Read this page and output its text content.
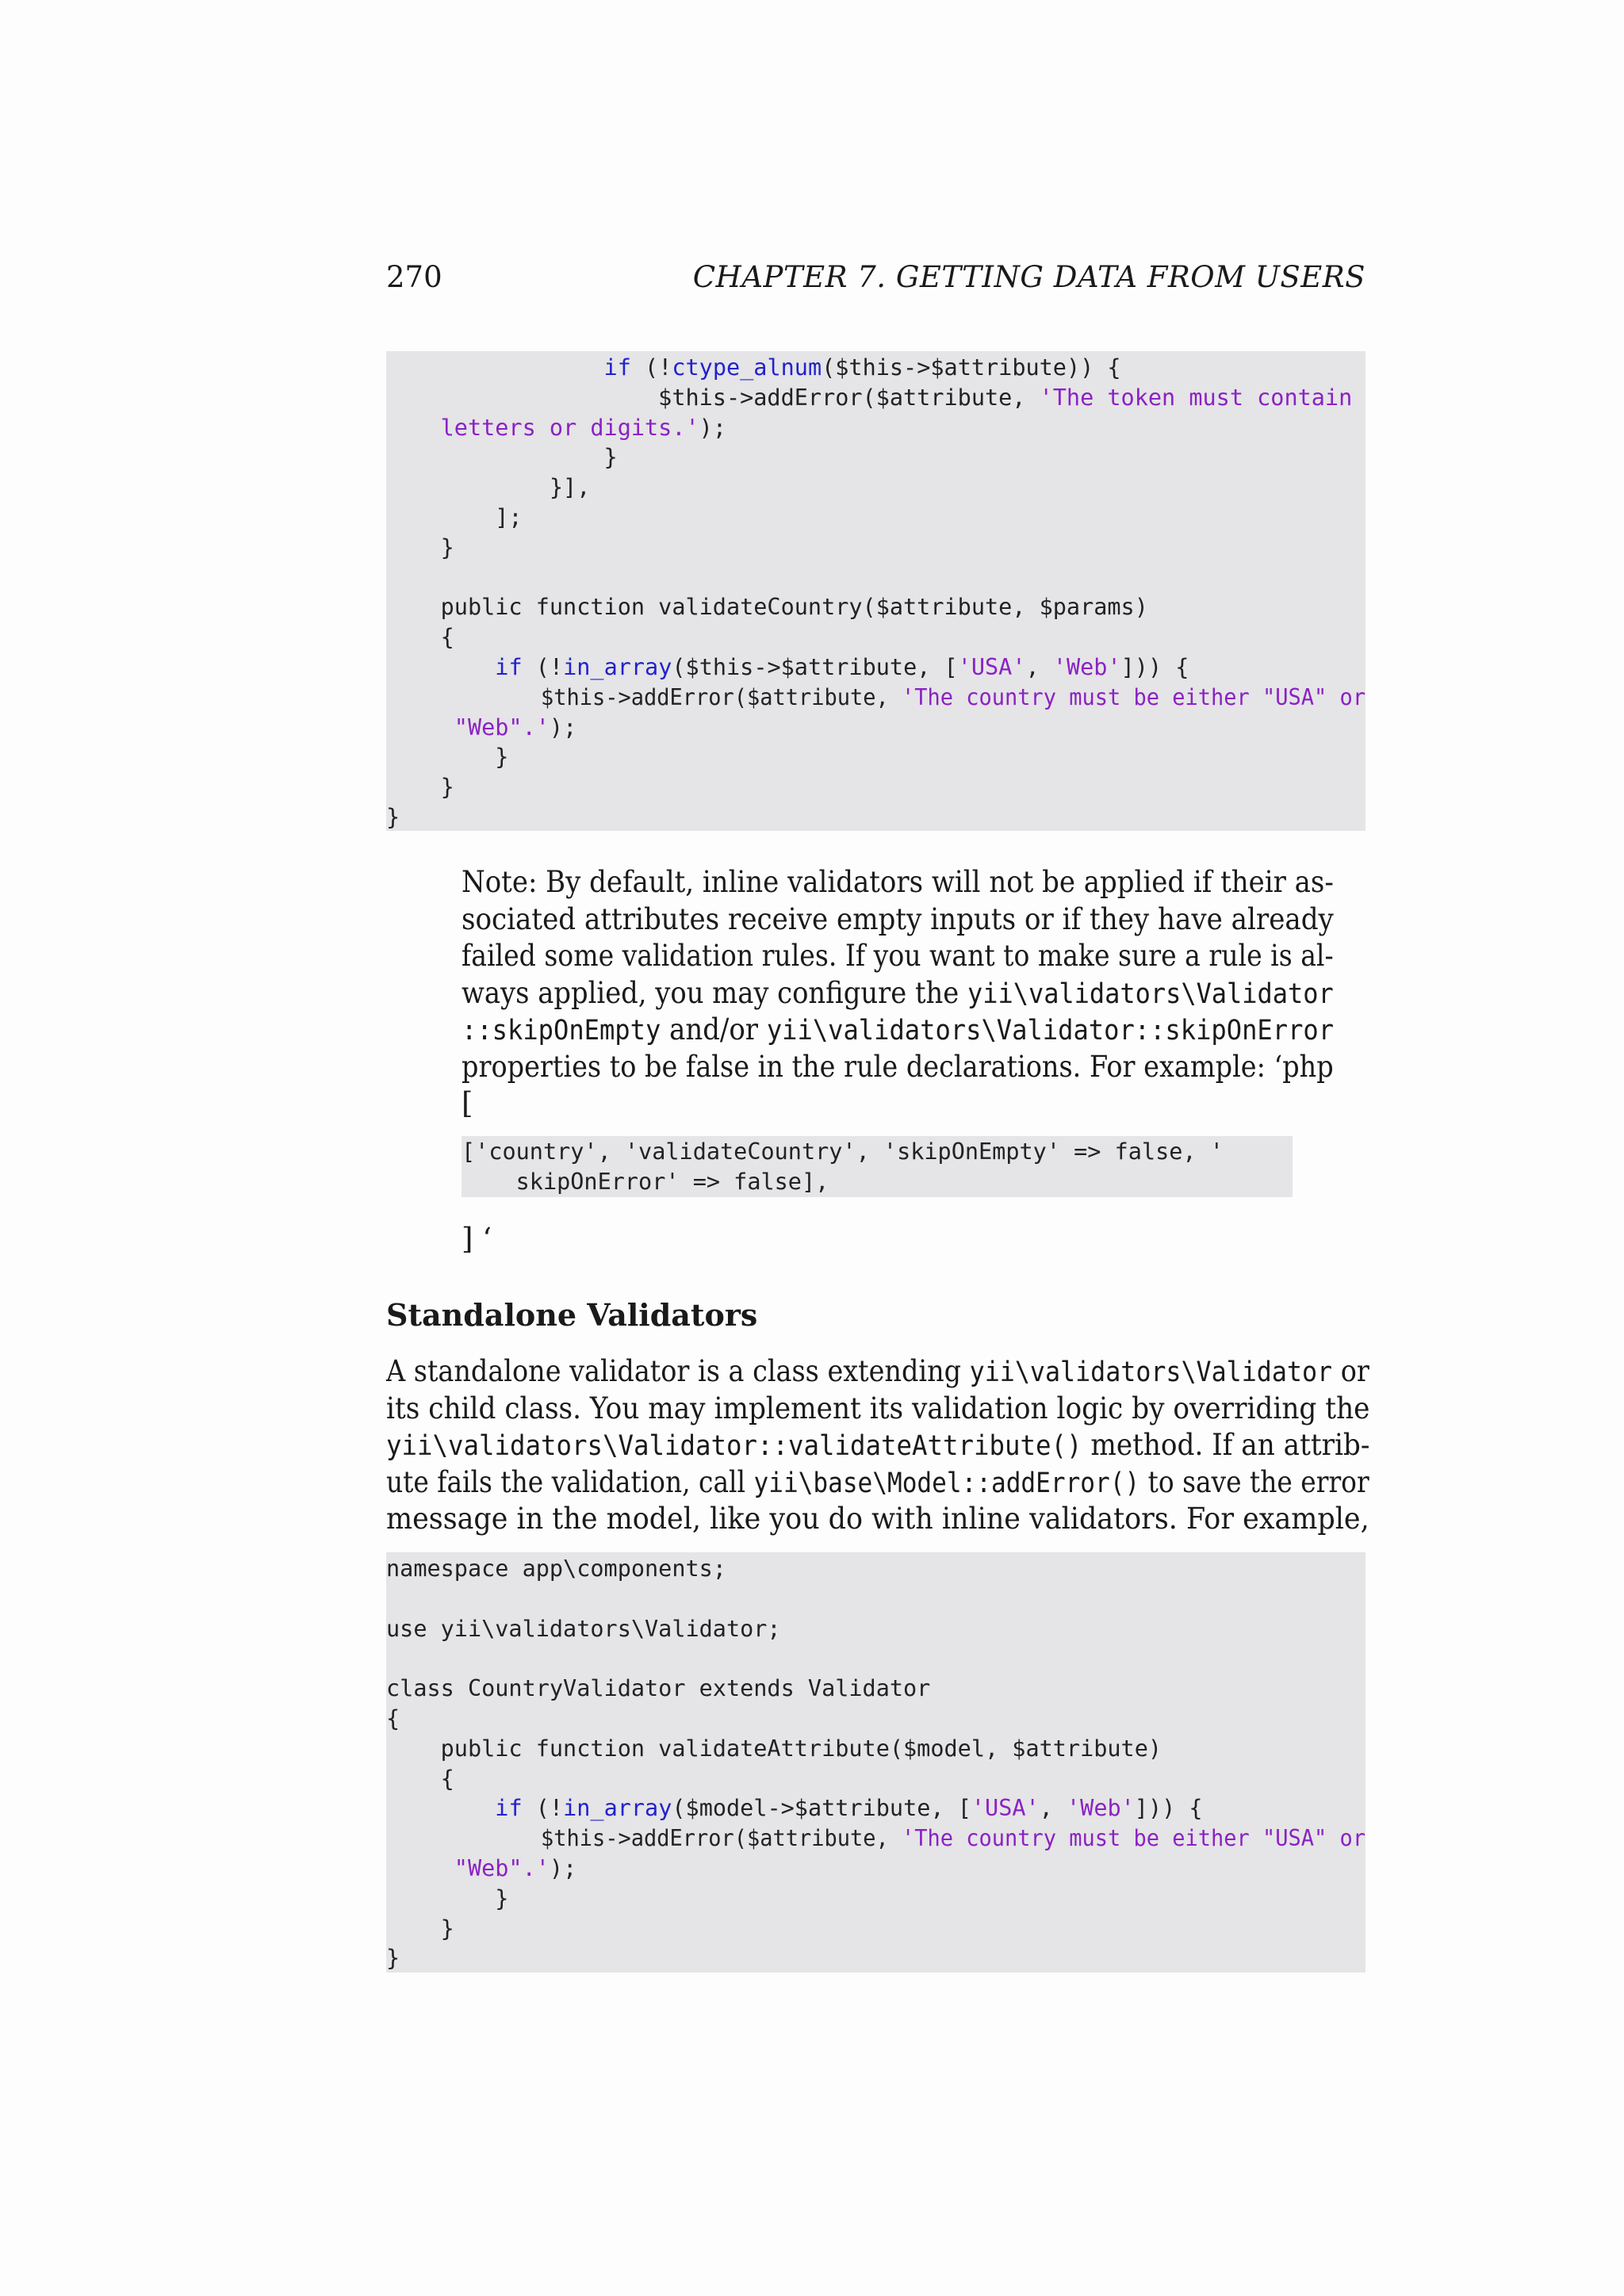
270	CHAPTER 7. GETTING DATA FROM USERS
if (!ctype_alnum($this->$attribute)) {
$this->addError($attribute, 'The token must contain
letters or digits.');
}
}],
];
}
public function validateCountry($attribute, $params)
{
if (!in_array($this->$attribute, ['USA', 'Web'])) {
$this->addError($attribute, 'The country must be either "USA" or
"Web".');
}
}
}
Note: By default, inline validators will not be applied if their as-
sociated attributes receive empty inputs or if they have already
failed some validation rules. If you want to make sure a rule is al-
ways applied, you may configure the yii\validators\Validator
::skipOnEmpty and/or yii\validators\Validator::skipOnError
properties to be false in the rule declarations. For example: ‘php
[
['country', 'validateCountry', 'skipOnEmpty' => false, '
skipOnError' => false],
] ‘
Standalone Validators
A standalone validator is a class extending yii\validators\Validator or
its child class. You may implement its validation logic by overriding the
yii\validators\Validator::validateAttribute() method. If an attrib-
ute fails the validation, call yii\base\Model::addError() to save the error
message in the model, like you do with inline validators. For example,
namespace app\components;
use yii\validators\Validator;
class CountryValidator extends Validator
{
public function validateAttribute($model, $attribute)
{
if (!in_array($model->$attribute, ['USA', 'Web'])) {
$this->addError($attribute, 'The country must be either "USA" or
"Web".');
}
}
}
